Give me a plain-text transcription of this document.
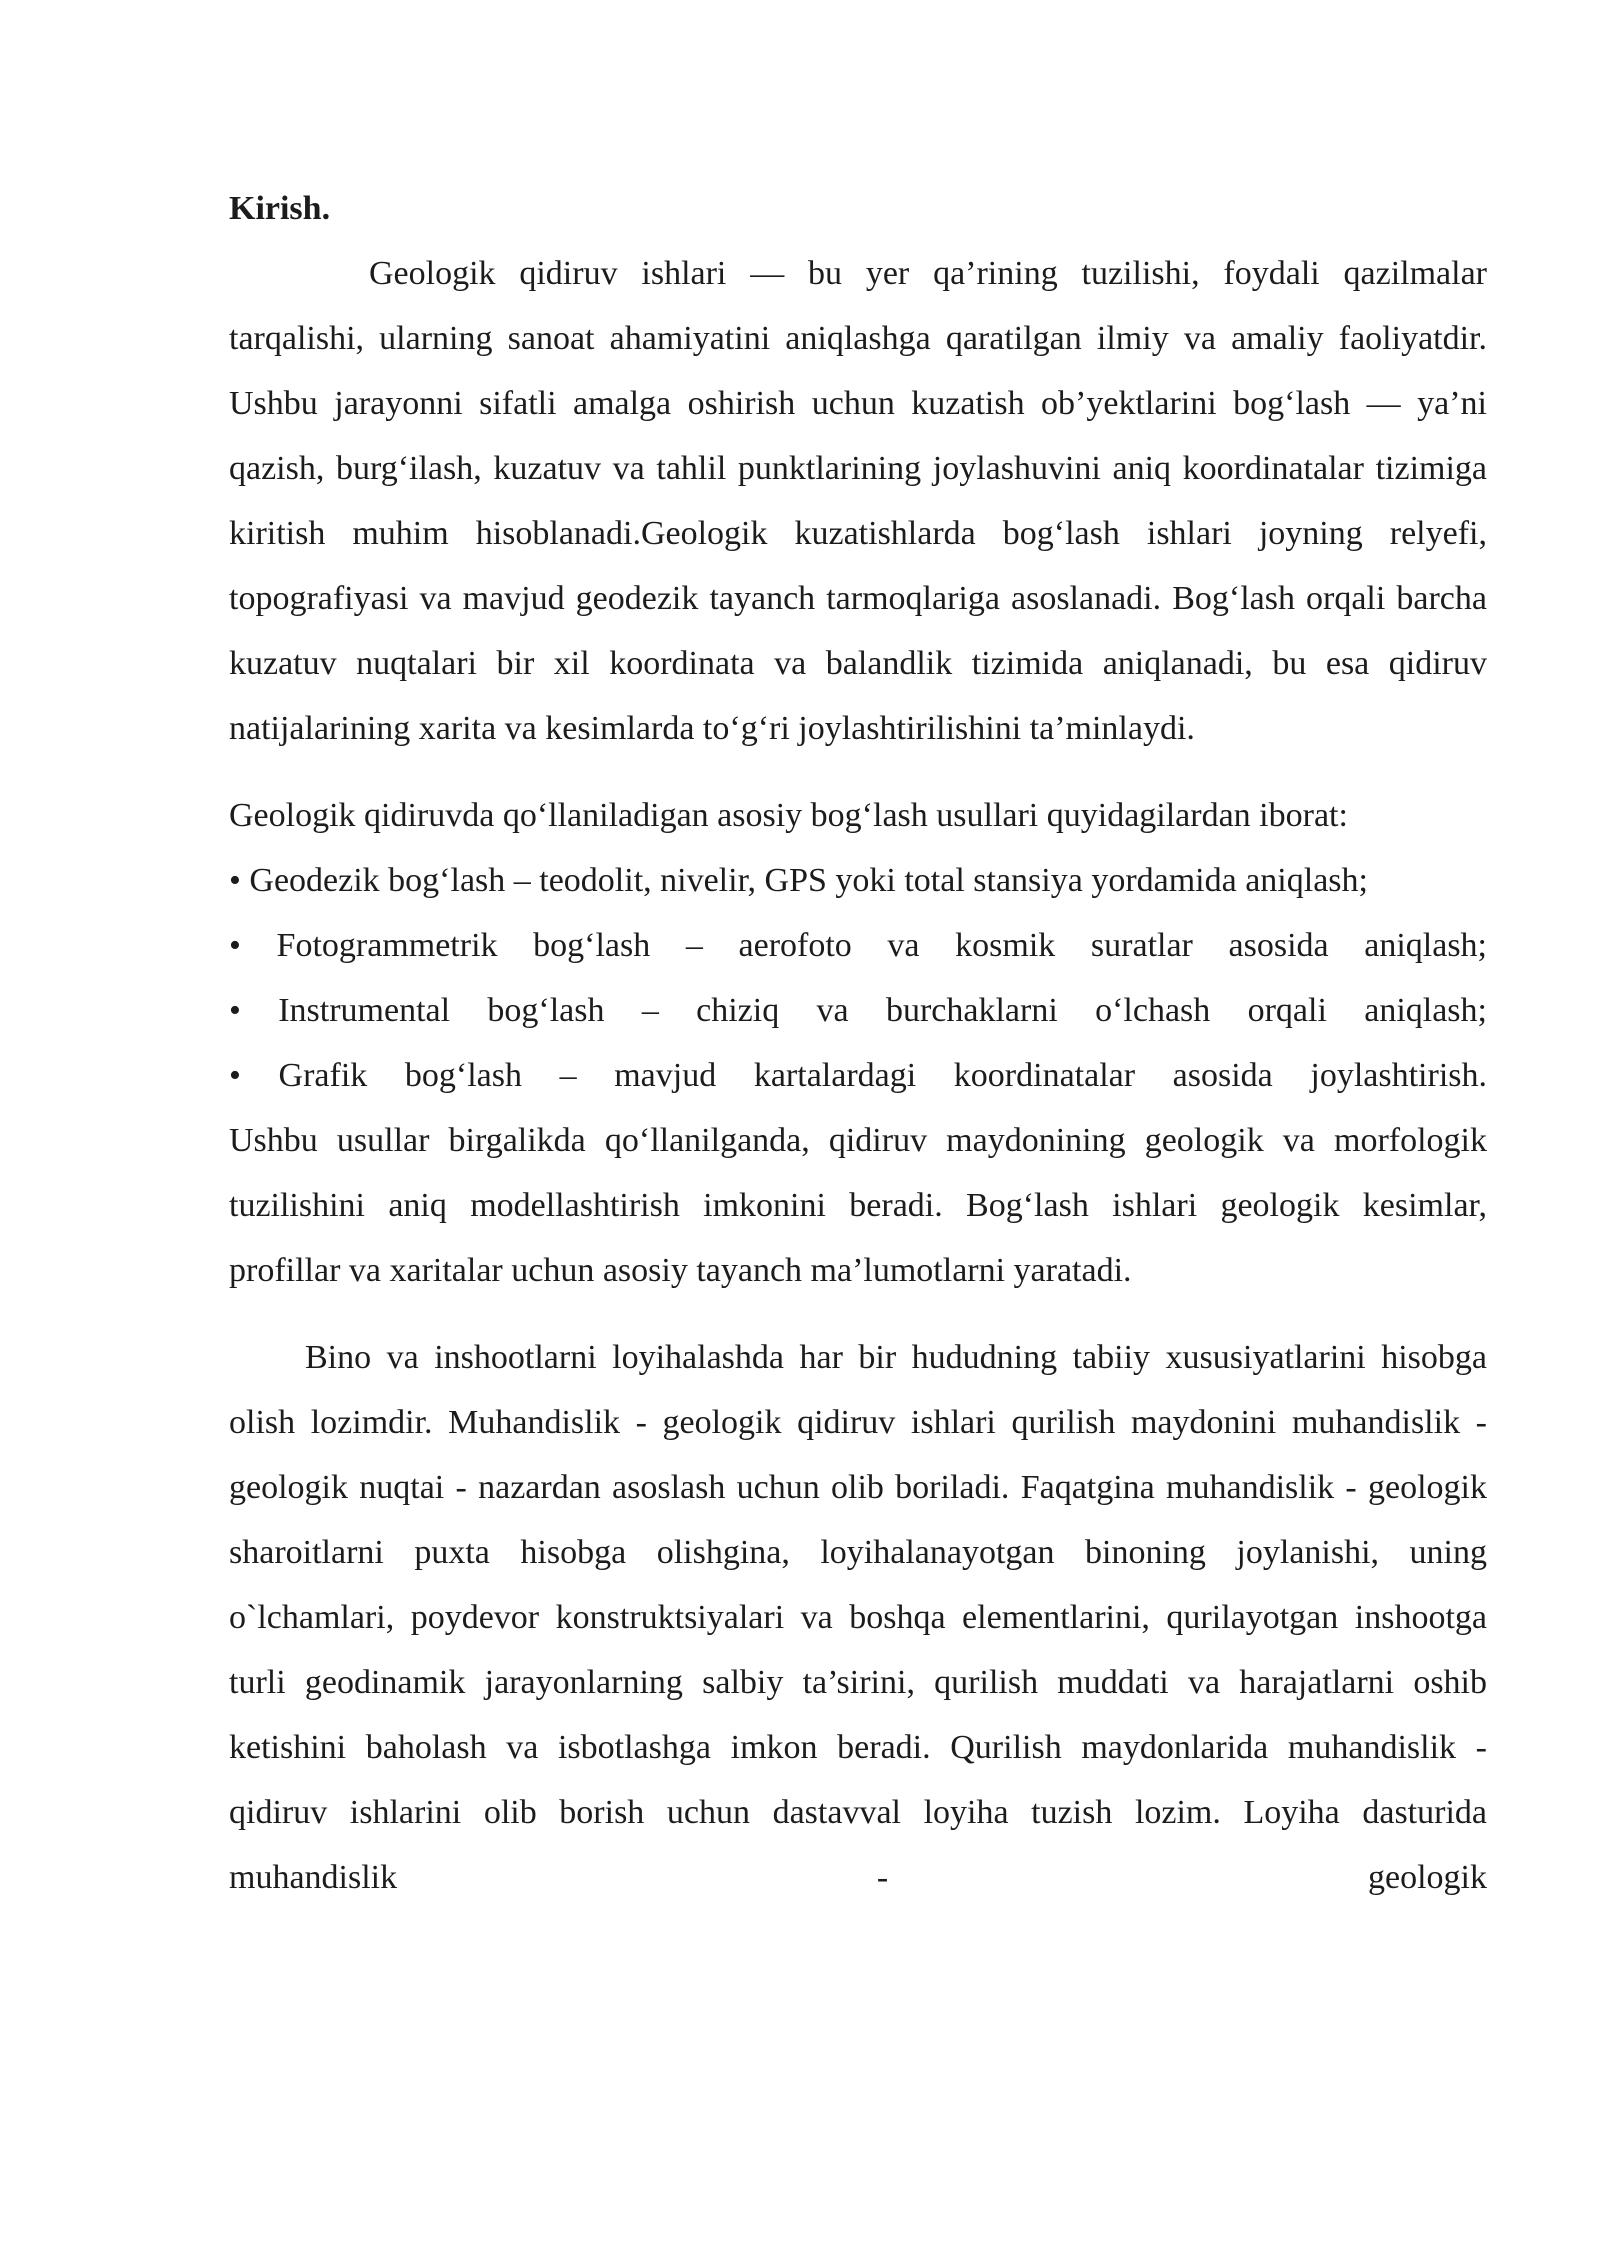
Kirish.

Geologik qidiruv ishlari — bu yer qa’rining tuzilishi, foydali qazilmalar tarqalishi, ularning sanoat ahamiyatini aniqlashga qaratilgan ilmiy va amaliy faoliyatdir. Ushbu jarayonni sifatli amalga oshirish uchun kuzatish ob’yektlarini bog‘lash — ya’ni qazish, burg‘ilash, kuzatuv va tahlil punktlarining joylashuvini aniq koordinatalar tizimiga kiritish muhim hisoblanadi.Geologik kuzatishlarda bog‘lash ishlari joyning relyefi, topografiyasi va mavjud geodezik tayanch tarmoqlariga asoslanadi. Bog‘lash orqali barcha kuzatuv nuqtalari bir xil koordinata va balandlik tizimida aniqlanadi, bu esa qidiruv natijalarining xarita va kesimlarda to‘g‘ri joylashtirilishini ta’minlaydi.

Geologik qidiruvda qo‘llaniladigan asosiy bog‘lash usullari quyidagilardan iborat:

• Geodezik bog‘lash – teodolit, nivelir, GPS yoki total stansiya yordamida aniqlash;

• Fotogrammetrik bog‘lash – aerofoto va kosmik suratlar asosida aniqlash;

• Instrumental bog‘lash – chiziq va burchaklarni o‘lchash orqali aniqlash;

• Grafik bog‘lash – mavjud kartalardagi koordinatalar asosida joylashtirish.

Ushbu usullar birgalikda qo‘llanilganda, qidiruv maydonining geologik va morfologik tuzilishini aniq modellashtirish imkonini beradi. Bog‘lash ishlari geologik kesimlar, profillar va xaritalar uchun asosiy tayanch ma’lumotlarni yaratadi.

Bino va inshootlarni loyihalashda har bir hududning tabiiy xususiyatlarini hisobga olish lozimdir. Muhandislik - geologik qidiruv ishlari qurilish maydonini muhandislik - geologik nuqtai - nazardan asoslash uchun olib boriladi. Faqatgina muhandislik - geologik sharoitlarni puxta hisobga olishgina, loyihalanayotgan binoning joylanishi, uning o`lchamlari, poydevor konstruktsiyalari va boshqa elementlarini, qurilayotgan inshootga turli geodinamik jarayonlarning salbiy ta’sirini, qurilish muddati va harajatlarni oshib ketishini baholash va isbotlashga imkon beradi. Qurilish maydonlarida muhandislik - qidiruv ishlarini olib borish uchun dastavval loyiha tuzish lozim. Loyiha dasturida muhandislik - geologik
